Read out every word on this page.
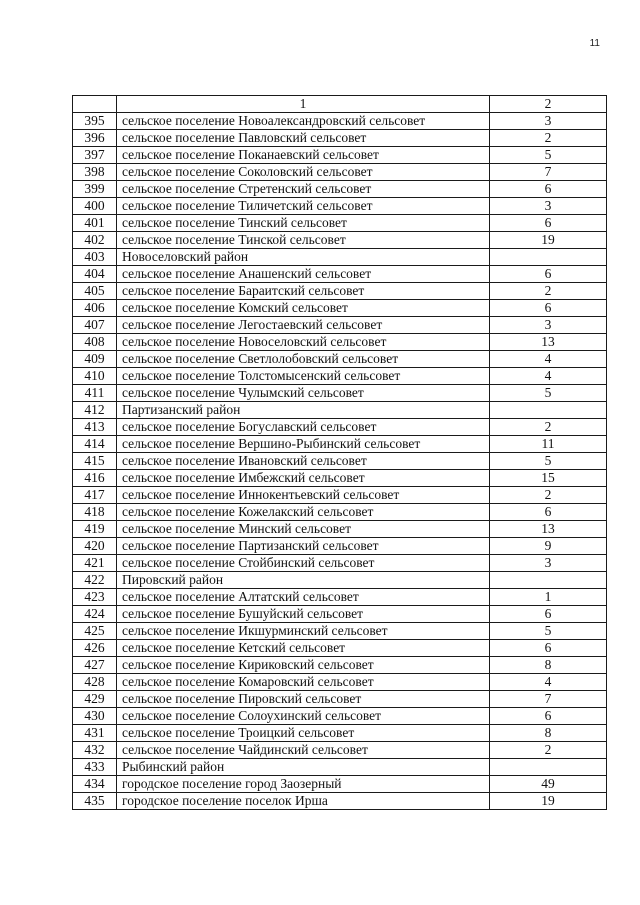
11
	1	2
395	сельское поселение Новоалександровский сельсовет	3
396	сельское поселение Павловский сельсовет	2
397	сельское поселение Поканаевский сельсовет	5
398	сельское поселение Соколовский сельсовет	7
399	сельское поселение Стретенский сельсовет	6
400	сельское поселение Тиличетский сельсовет	3
401	сельское поселение Тинский сельсовет	6
402	сельское поселение Тинской сельсовет	19
403	Новоселовский район	
404	сельское поселение Анашенский сельсовет	6
405	сельское поселение Бараитский сельсовет	2
406	сельское поселение Комский сельсовет	6
407	сельское поселение Легостаевский сельсовет	3
408	сельское поселение Новоселовский сельсовет	13
409	сельское поселение Светлолобовский сельсовет	4
410	сельское поселение Толстомысенский сельсовет	4
411	сельское поселение Чулымский сельсовет	5
412	Партизанский район	
413	сельское поселение Богуславский сельсовет	2
414	сельское поселение Вершино-Рыбинский сельсовет	11
415	сельское поселение Ивановский сельсовет	5
416	сельское поселение Имбежский сельсовет	15
417	сельское поселение Иннокентьевский сельсовет	2
418	сельское поселение Кожелакский сельсовет	6
419	сельское поселение Минский сельсовет	13
420	сельское поселение Партизанский сельсовет	9
421	сельское поселение Стойбинский сельсовет	3
422	Пировский район	
423	сельское поселение Алтатский сельсовет	1
424	сельское поселение Бушуйский сельсовет	6
425	сельское поселение Икшурминский сельсовет	5
426	сельское поселение Кетский сельсовет	6
427	сельское поселение Кириковский сельсовет	8
428	сельское поселение Комаровский сельсовет	4
429	сельское поселение Пировский сельсовет	7
430	сельское поселение Солоухинский сельсовет	6
431	сельское поселение Троицкий сельсовет	8
432	сельское поселение Чайдинский сельсовет	2
433	Рыбинский район	
434	городское поселение город Заозерный	49
435	городское поселение поселок Ирша	19
